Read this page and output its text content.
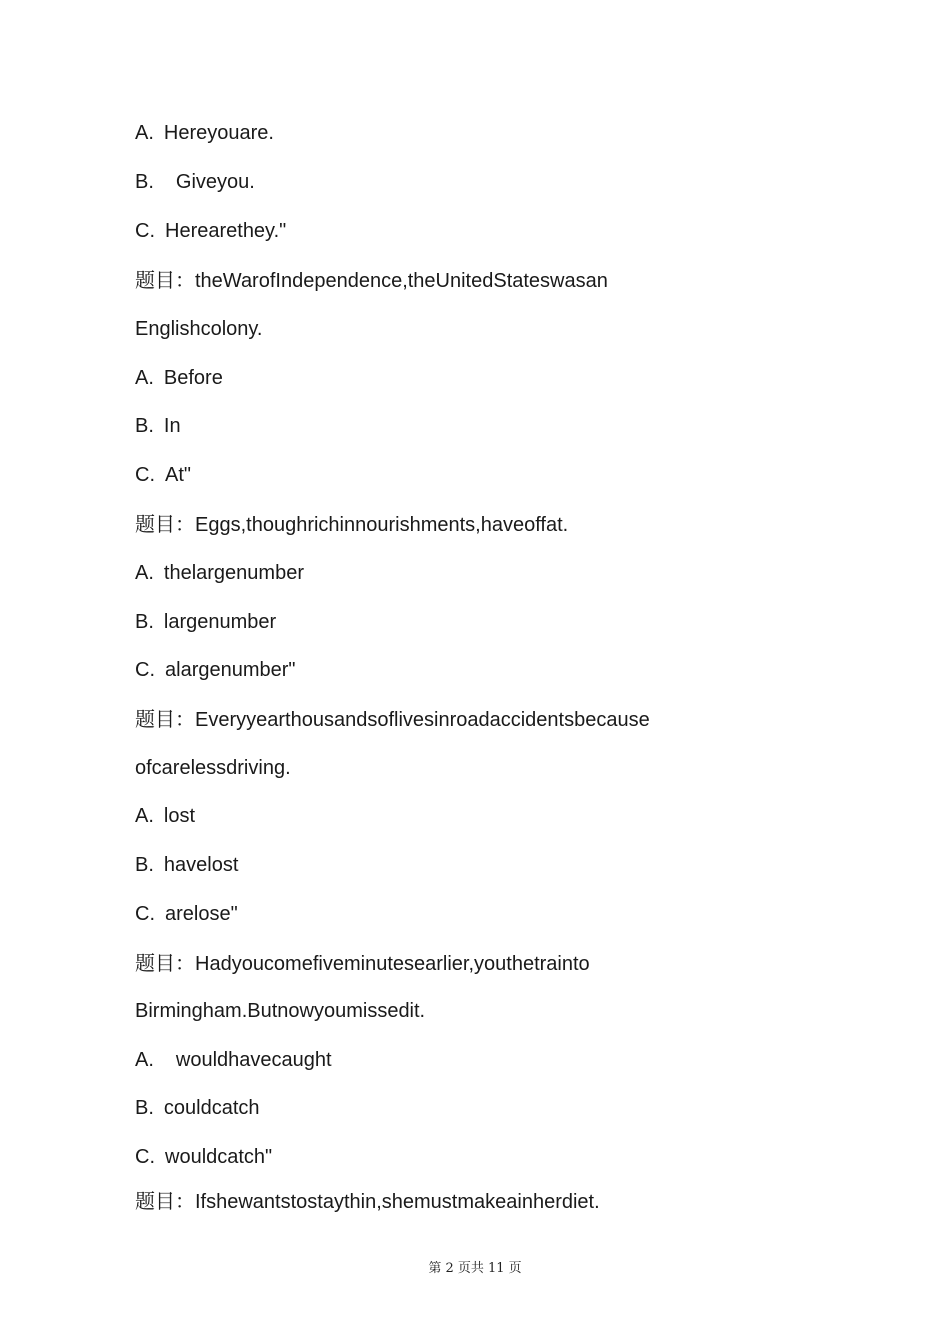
A. Hereyouare.
B. Giveyou.
C. Herearethey."
题目：theWarofIndependence,theUnitedStateswasan
Englishcolony.
A. Before
B. In
C. At"
题目：Eggs,thoughrichinnourishments,haveoffat.
A. thelargenumber
B. largenumber
C. alargenumber"
题目：Everyyearthousandsoflivesinroadaccidentsbecause
ofcarelessdriving.
A. lost
B. havelost
C. arelose"
题目：Hadyoucomefiveminutesearlier,youthetrainto
Birmingham.Butnowyoumissedit.
A. wouldhavecaught
B. couldcatch
C. wouldcatch"
题目：Ifshewantstostaythin,shemustmakeainherdiet.
第 2 页共 11 页
